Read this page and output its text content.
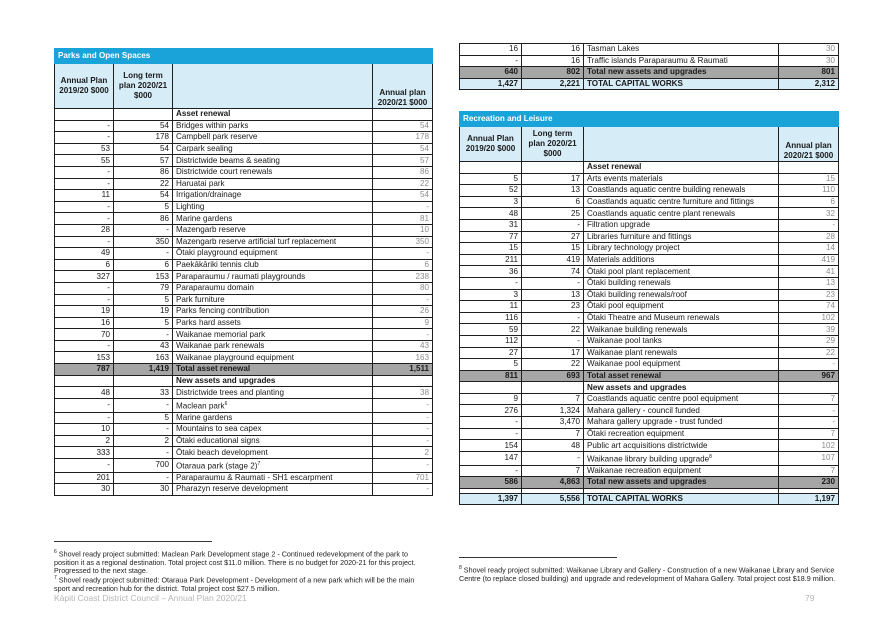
Parks and Open Spaces			
Annual Plan 2019/20 $000	Long term plan 2020/21 $000		Annual plan 2020/21 $000
		Asset renewal	
-	54	Bridges within parks	54
-	178	Campbell park reserve	178
53	54	Carpark sealing	54
55	57	Districtwide beams & seating	57
-	86	Districtwide court renewals	86
-	22	Haruatai park	22
11	54	Irrigation/drainage	54
-	5	Lighting	-
-	86	Marine gardens	81
28	-	Mazengarb reserve	10
-	350	Mazengarb reserve artificial turf replacement	350
49	-	Ōtaki playground equipment	-
6	6	Paekākāriki tennis club	6
327	153	Paraparaumu / raumati playgrounds	238
-	79	Paraparaumu domain	80
-	5	Park furniture	-
19	19	Parks fencing contribution	26
16	5	Parks hard assets	9
70	-	Waikanae memorial park	-
-	43	Waikanae park renewals	43
153	163	Waikanae playground equipment	163
787	1,419	Total asset renewal	1,511
		New assets and upgrades	
48	33	Districtwide trees and planting	38
-	-	Maclean park$^6$	-
-	5	Marine gardens	-
10	-	Mountains to sea capex	-
2	2	Ōtaki educational signs	-
333	-	Ōtaki beach development	2
-	700	Otaraua park (stage 2)$^7$	-
201	-	Paraparaumu & Raumati - SH1 escarpment	701
30	30	Pharazyn reserve development	-
16	16	Tasman Lakes	30
-	16	Traffic islands Paraparaumu & Raumati	30
640	802	Total new assets and upgrades	801
1,427	2,221	TOTAL CAPITAL WORKS	2,312
Recreation and Leisure			
Annual Plan 2019/20 $000	Long term plan 2020/21 $000		Annual plan 2020/21 $000
		Asset renewal	
5	17	Arts events materials	15
52	13	Coastlands aquatic centre building renewals	110
3	6	Coastlands aquatic centre furniture and fittings	6
48	25	Coastlands aquatic centre plant renewals	32
31	-	Filtration upgrade	-
77	27	Libraries furniture and fittings	28
15	15	Library technology project	14
211	419	Materials additions	419
36	74	Ōtaki pool plant replacement	41
-	-	Ōtaki building renewals	13
3	13	Ōtaki building renewals/roof	23
11	23	Ōtaki pool equipment	74
116	-	Ōtaki Theatre and Museum renewals	102
59	22	Waikanae building renewals	39
112	-	Waikanae pool tanks	29
27	17	Waikanae plant renewals	22
5	22	Waikanae pool equipment	-
811	693	Total asset renewal	967
		New assets and upgrades	
9	7	Coastlands aquatic centre pool equipment	7
276	1,324	Mahara gallery - council funded	-
-	3,470	Mahara gallery upgrade - trust funded	-
-	7	Ōtaki recreation equipment	7
154	48	Public art acquisitions districtwide	102
147	-	Waikanae library building upgrade$^8$	107
-	7	Waikanae recreation equipment	7
586	4,863	Total new assets and upgrades	230

1,397	5,556	TOTAL CAPITAL WORKS	1,197
$^6$ Shovel ready project submitted: Maclean Park Development stage 2 - Continued redevelopment of the park to position it as a regional destination. Total project cost $11.0 million. There is no budget for 2020-21 for this project. Progressed to the next stage.
$^7$ Shovel ready project submitted: Otaraua Park Development - Development of a new park which will be the main sport and recreation hub for the district. Total project cost $27.5 million.
$^8$ Shovel ready project submitted: Waikanae Library and Gallery - Construction of a new Waikanae Library and Service Centre (to replace closed building) and upgrade and redevelopment of Mahara Gallery. Total project cost $18.9 million.
Kāpiti Coast District Council – Annual Plan 2020/21	79
